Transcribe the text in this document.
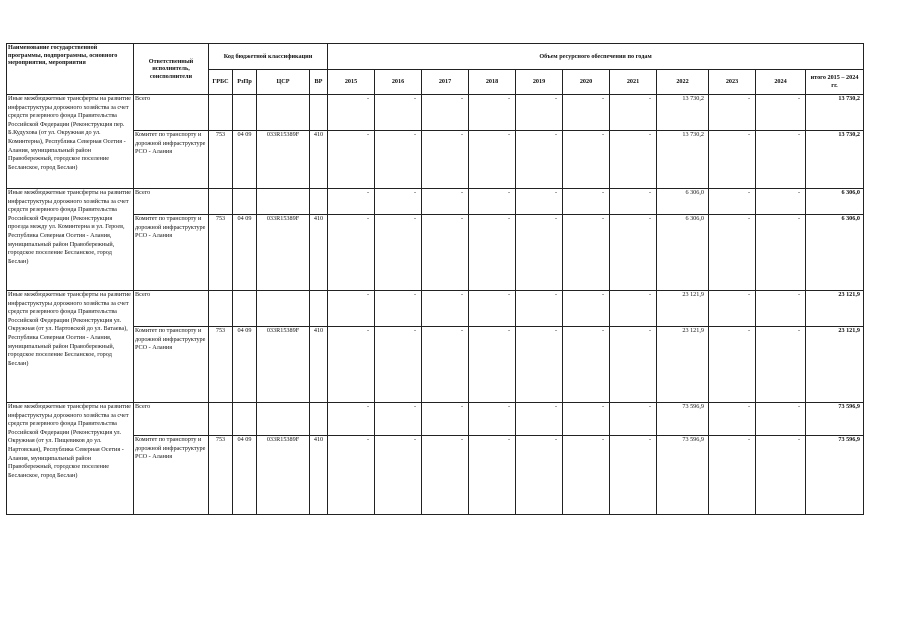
Наименование государственной программы, подпрограммы, основного мероприятия, мероприятия	Ответственный исполнитель, соисполнители	Код бюджетной классификации				Объем ресурсного обеспечения по годам										
		ГРБС	РзПр	ЦСР	ВР	2015	2016	2017	2018	2019	2020	2021	2022	2023	2024	итого 2015 – 2024 гг.
Иные межбюджетные трансферты на развитие инфраструктуры дорожного хозяйства за счет средств резервного фонда Правительства Российской Федерации (Реконструкция пер. Б.Кудухова (от ул. Окружная до ул. Коминтерна), Республика Северная Осетия - Алания, муниципальный район Правобережный, городское поселение Бесланское, город Беслан)	Всего					-	-	-	-	-	-	-	13 730,2	-	-	13 730,2
	Комитет по транспорту и дорожной инфраструктуре РСО - Алания	753	04 09	033R15389F	410	-	-	-	-	-	-	-	13 730,2	-	-	13 730,2
Иные межбюджетные трансферты на развитие инфраструктуры дорожного хозяйства за счет средств резервного фонда Правительства Российской Федерации (Реконструкция проезда между ул. Коминтерна и ул. Героев, Республика Северная Осетия - Алания, муниципальный район Правобережный, городское поселение Бесланское, город Беслан)	Всего					-	-	-	-	-	-	-	6 306,0	-	-	6 306,0
	Комитет по транспорту и дорожной инфраструктуре РСО - Алания	753	04 09	033R15389F	410	-	-	-	-	-	-	-	6 306,0	-	-	6 306,0
Иные межбюджетные трансферты на развитие инфраструктуры дорожного хозяйства за счет средств резервного фонда Правительства Российской Федерации (Реконструкция ул. Окружная (от ул. Нартовской до ул. Ватаева), Республика Северная Осетия - Алания, муниципальный район Правобережный, городское поселение Бесланское, город Беслан)	Всего					-	-	-	-	-	-	-	23 121,9	-	-	23 121,9
	Комитет по транспорту и дорожной инфраструктуре РСО - Алания	753	04 09	033R15389F	410	-	-	-	-	-	-	-	23 121,9	-	-	23 121,9
Иные межбюджетные трансферты на развитие инфраструктуры дорожного хозяйства за счет средств резервного фонда Правительства Российской Федерации (Реконструкция ул. Окружная (от ул. Пищевиков до ул. Нартовская), Республика Северная Осетия - Алания, муниципальный район Правобережный, городское поселение Бесланское, город Беслан)	Всего					-	-	-	-	-	-	-	73 596,9	-	-	73 596,9
	Комитет по транспорту и дорожной инфраструктуре РСО - Алания	753	04 09	033R15389F	410	-	-	-	-	-	-	-	73 596,9	-	-	73 596,9
